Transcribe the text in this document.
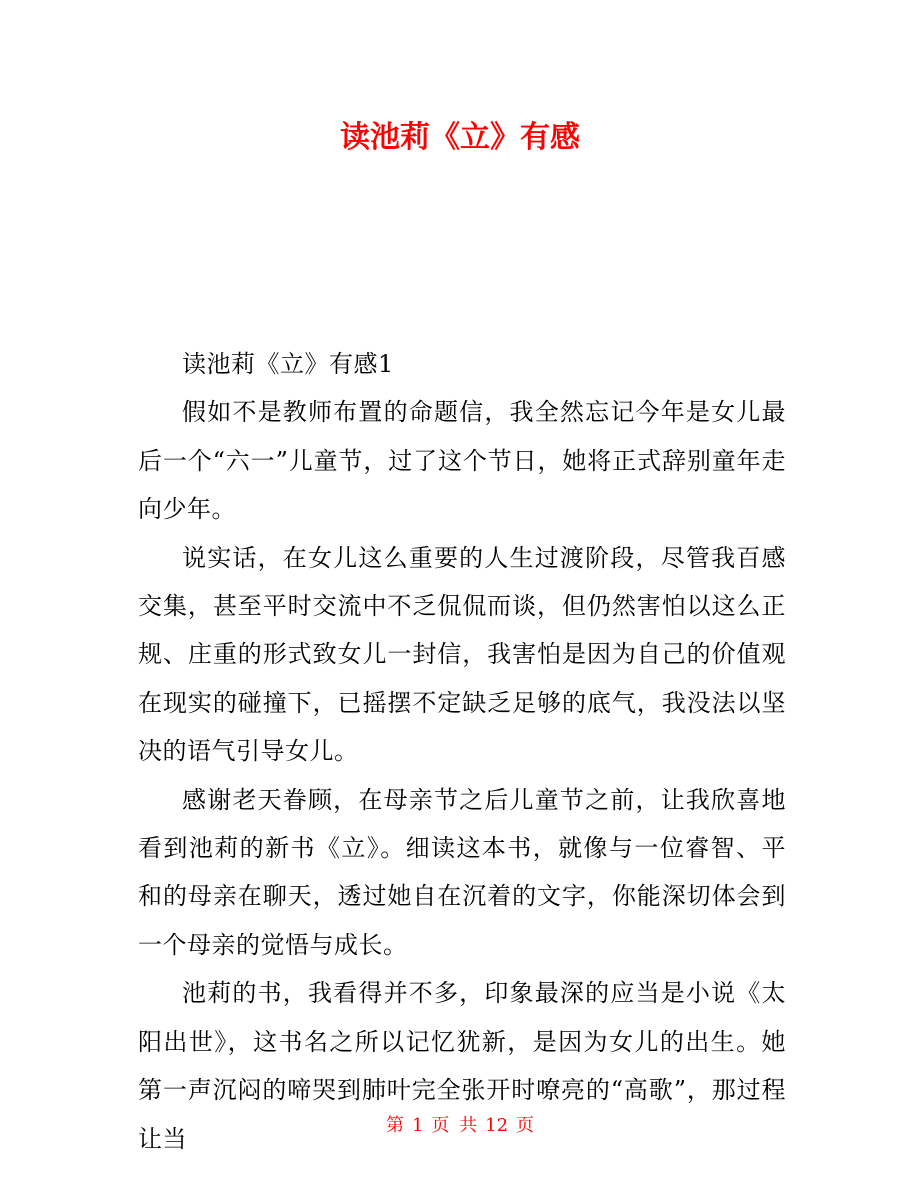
读池莉《立》有感

读池莉《立》有感1

假如不是教师布置的命题信，我全然忘记今年是女儿最后一个“六一”儿童节，过了这个节日，她将正式辞别童年走向少年。

说实话，在女儿这么重要的人生过渡阶段，尽管我百感交集，甚至平时交流中不乏侃侃而谈，但仍然害怕以这么正规、庄重的形式致女儿一封信，我害怕是因为自己的价值观在现实的碰撞下，已摇摆不定缺乏足够的底气，我没法以坚决的语气引导女儿。

感谢老天眷顾，在母亲节之后儿童节之前，让我欣喜地看到池莉的新书《立》。细读这本书，就像与一位睿智、平和的母亲在聊天，透过她自在沉着的文字，你能深切体会到一个母亲的觉悟与成长。

池莉的书，我看得并不多，印象最深的应当是小说《太阳出世》，这书名之所以记忆犹新，是因为女儿的出生。她第一声沉闷的啼哭到肺叶完全张开时嘹亮的“高歌”，那过程让当	第 1 页 共 12 页
